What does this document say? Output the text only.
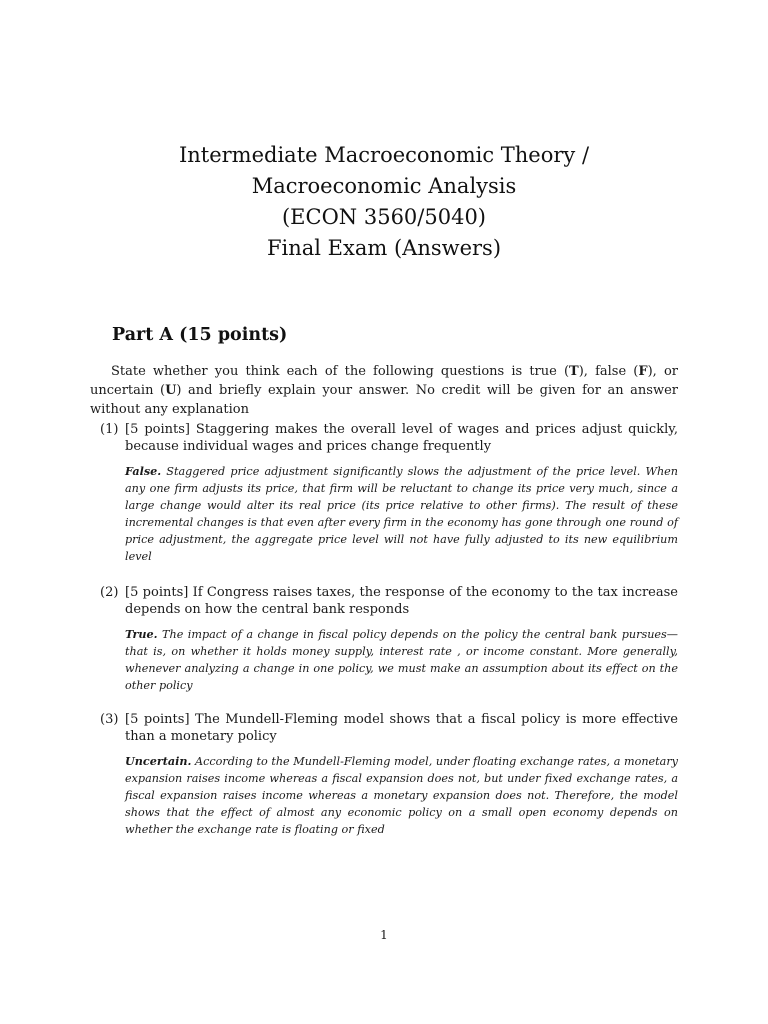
Intermediate Macroeconomic Theory /
Macroeconomic Analysis
(ECON 3560/5040)
Final Exam (Answers)
Part A (15 points)

State whether you think each of the following questions is true (T), false (F), or uncertain (U) and briefly explain your answer. No credit will be given for an answer without any explanation

(1) [5 points] Staggering makes the overall level of wages and prices adjust quickly, because individual wages and prices change frequently
False. Staggered price adjustment significantly slows the adjustment of the price level. When any one firm adjusts its price, that firm will be reluctant to change its price very much, since a large change would alter its real price (its price relative to other firms). The result of these incremental changes is that even after every firm in the economy has gone through one round of price adjustment, the aggregate price level will not have fully adjusted to its new equilibrium level
(2) [5 points] If Congress raises taxes, the response of the economy to the tax increase depends on how the central bank responds
True. The impact of a change in fiscal policy depends on the policy the central bank pursues—that is, on whether it holds money supply, interest rate , or income constant. More generally, whenever analyzing a change in one policy, we must make an assumption about its effect on the other policy
(3) [5 points] The Mundell-Fleming model shows that a fiscal policy is more effective than a monetary policy
Uncertain. According to the Mundell-Fleming model, under floating exchange rates, a monetary expansion raises income whereas a fiscal expansion does not, but under fixed exchange rates, a fiscal expansion raises income whereas a monetary expansion does not. Therefore, the model shows that the effect of almost any economic policy on a small open economy depends on whether the exchange rate is floating or fixed
1
